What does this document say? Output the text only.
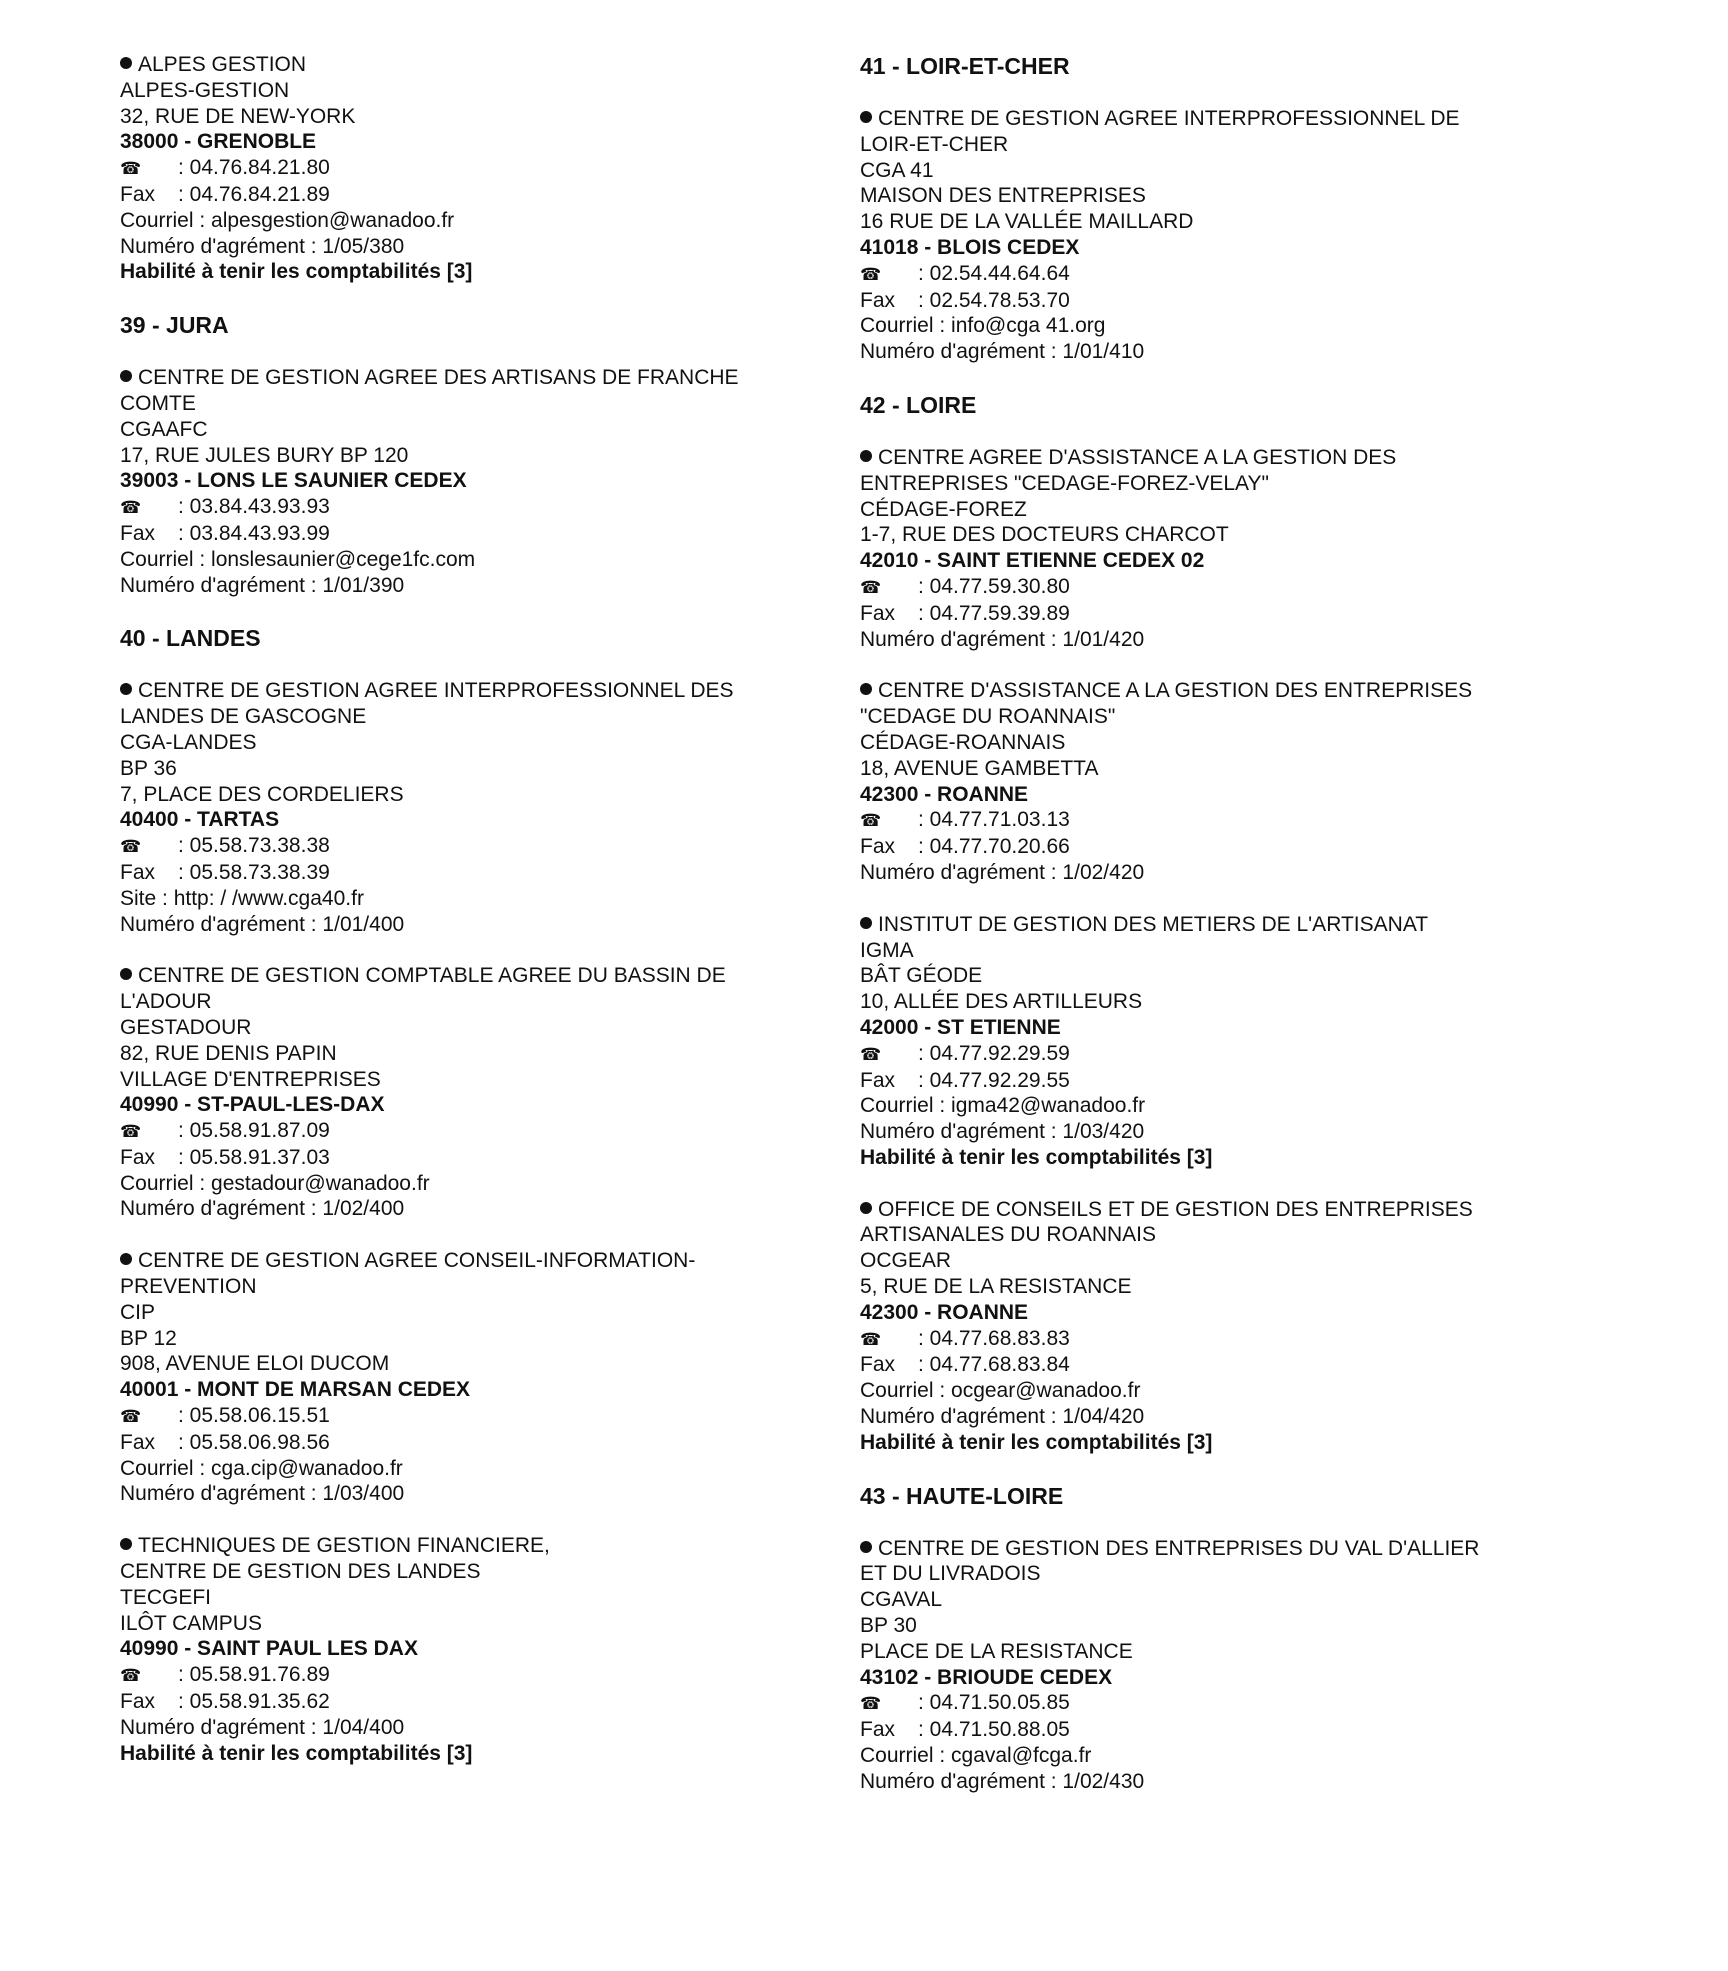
ALPES GESTION
ALPES-GESTION
32, RUE DE NEW-YORK
38000 - GRENOBLE
☎ : 04.76.84.21.80
Fax : 04.76.84.21.89
Courriel : alpesgestion@wanadoo.fr
Numéro d'agrément : 1/05/380
Habilité à tenir les comptabilités [3]
39 - JURA
CENTRE DE GESTION AGREE DES ARTISANS DE FRANCHE
COMTE
CGAAFC
17, RUE JULES BURY BP 120
39003 - LONS LE SAUNIER CEDEX
☎ : 03.84.43.93.93
Fax : 03.84.43.93.99
Courriel : lonslesaunier@cege1fc.com
Numéro d'agrément : 1/01/390
40 - LANDES
CENTRE DE GESTION AGREE INTERPROFESSIONNEL DES
LANDES DE GASCOGNE
CGA-LANDES
BP 36
7, PLACE DES CORDELIERS
40400 - TARTAS
☎ : 05.58.73.38.38
Fax : 05.58.73.38.39
Site : http: / /www.cga40.fr
Numéro d'agrément : 1/01/400
CENTRE DE GESTION COMPTABLE AGREE DU BASSIN DE
L'ADOUR
GESTADOUR
82, RUE DENIS PAPIN
VILLAGE D'ENTREPRISES
40990 - ST-PAUL-LES-DAX
☎ : 05.58.91.87.09
Fax : 05.58.91.37.03
Courriel : gestadour@wanadoo.fr
Numéro d'agrément : 1/02/400
CENTRE DE GESTION AGREE CONSEIL-INFORMATION-
PREVENTION
CIP
BP 12
908, AVENUE ELOI DUCOM
40001 - MONT DE MARSAN CEDEX
☎ : 05.58.06.15.51
Fax : 05.58.06.98.56
Courriel : cga.cip@wanadoo.fr
Numéro d'agrément : 1/03/400
TECHNIQUES DE GESTION FINANCIERE,
CENTRE DE GESTION DES LANDES
TECGEFI
ILÔT CAMPUS
40990 - SAINT PAUL LES DAX
☎ : 05.58.91.76.89
Fax : 05.58.91.35.62
Numéro d'agrément : 1/04/400
Habilité à tenir les comptabilités [3]
41 - LOIR-ET-CHER
CENTRE DE GESTION AGREE INTERPROFESSIONNEL DE
LOIR-ET-CHER
CGA 41
MAISON DES ENTREPRISES
16 RUE DE LA VALLÉE MAILLARD
41018 - BLOIS CEDEX
☎ : 02.54.44.64.64
Fax : 02.54.78.53.70
Courriel : info@cga 41.org
Numéro d'agrément : 1/01/410
42 - LOIRE
CENTRE AGREE D'ASSISTANCE A LA GESTION DES
ENTREPRISES "CEDAGE-FOREZ-VELAY"
CÉDAGE-FOREZ
1-7, RUE DES DOCTEURS CHARCOT
42010 - SAINT ETIENNE CEDEX 02
☎ : 04.77.59.30.80
Fax : 04.77.59.39.89
Numéro d'agrément : 1/01/420
CENTRE D'ASSISTANCE A LA GESTION DES ENTREPRISES
"CEDAGE DU ROANNAIS"
CÉDAGE-ROANNAIS
18, AVENUE GAMBETTA
42300 - ROANNE
☎ : 04.77.71.03.13
Fax : 04.77.70.20.66
Numéro d'agrément : 1/02/420
INSTITUT DE GESTION DES METIERS DE L'ARTISANAT
IGMA
BÂT GÉODE
10, ALLÉE DES ARTILLEURS
42000 - ST ETIENNE
☎ : 04.77.92.29.59
Fax : 04.77.92.29.55
Courriel : igma42@wanadoo.fr
Numéro d'agrément : 1/03/420
Habilité à tenir les comptabilités [3]
OFFICE DE CONSEILS ET DE GESTION DES ENTREPRISES
ARTISANALES DU ROANNAIS
OCGEAR
5, RUE DE LA RESISTANCE
42300 - ROANNE
☎ : 04.77.68.83.83
Fax : 04.77.68.83.84
Courriel : ocgear@wanadoo.fr
Numéro d'agrément : 1/04/420
Habilité à tenir les comptabilités [3]
43 - HAUTE-LOIRE
CENTRE DE GESTION DES ENTREPRISES DU VAL D'ALLIER
ET DU LIVRADOIS
CGAVAL
BP 30
PLACE DE LA RESISTANCE
43102 - BRIOUDE CEDEX
☎ : 04.71.50.05.85
Fax : 04.71.50.88.05
Courriel : cgaval@fcga.fr
Numéro d'agrément : 1/02/430
